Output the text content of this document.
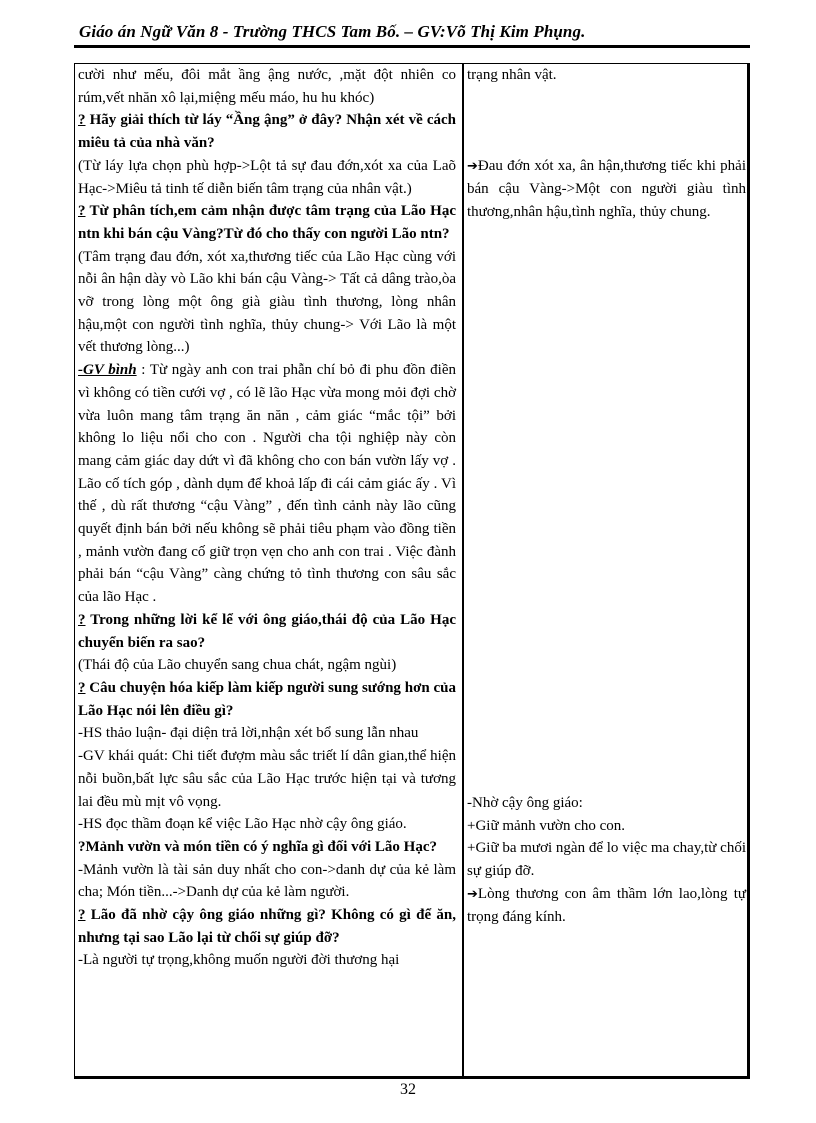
Giáo án Ngữ Văn 8 - Trường THCS Tam Bố. – GV:Võ Thị Kim Phụng.

cười như mếu, đôi mắt ầng ậng nước, ,mặt đột nhiên co rúm,vết nhăn xô lại,miệng mếu máo, hu hu khóc)

? Hãy giải thích từ láy “Ầng ậng” ở đây? Nhận xét về cách miêu tả của nhà văn?

(Từ láy lựa chọn phù hợp->Lột tả sự đau đớn,xót xa của Laõ Hạc->Miêu tả tinh tế diễn biến tâm trạng của nhân vật.)

? Từ phân tích,em cảm nhận được tâm trạng của Lão Hạc ntn khi bán cậu Vàng?Từ đó cho thấy con người Lão ntn?

(Tâm trạng đau đớn, xót xa,thương tiếc của Lão Hạc cùng với nỗi ân hận dày vò Lão khi bán cậu Vàng-> Tất cả dâng trào,òa vỡ trong lòng một ông già giàu tình thương, lòng nhân hậu,một con người tình nghĩa, thủy chung-> Với Lão là một vết thương lòng...)

-GV bình : Từ ngày anh con trai phẫn chí bỏ đi phu đồn điền vì không có tiền cưới vợ , có lẽ lão Hạc vừa mong mỏi đợi chờ vừa luôn mang tâm trạng ăn năn , cảm giác “mắc tội” bởi không lo liệu nổi cho con . Người cha tội nghiệp này còn mang cảm giác day dứt vì đã không cho con bán vườn lấy vợ . Lão cố tích góp , dành dụm để khoả lấp đi cái cảm giác ấy . Vì thế , dù rất thương “cậu Vàng” , đến tình cảnh này lão cũng quyết định bán bởi nếu không sẽ phải tiêu phạm vào đồng tiền , mảnh vườn đang cố giữ trọn vẹn cho anh con trai . Việc đành phải bán “cậu Vàng” càng chứng tỏ tình thương con sâu sắc của lão Hạc .

? Trong những lời kể lể với ông giáo,thái độ của Lão Hạc chuyển biến ra sao?

(Thái độ của Lão chuyển sang chua chát, ngậm ngùi)

? Câu chuyện hóa kiếp làm kiếp người sung sướng hơn của Lão Hạc nói lên điều gì?

-HS thảo luận- đại diện trả lời,nhận xét bổ sung lẫn nhau

-GV khái quát: Chi tiết đượm màu sắc triết lí dân gian,thể hiện nỗi buồn,bất lực sâu sắc của Lão Hạc trước hiện tại và tương lai đều mù mịt vô vọng.

-HS đọc thầm đoạn kể việc Lão Hạc nhờ cậy ông giáo.

?Mảnh vườn và món tiền có ý nghĩa gì đối với Lão Hạc?

-Mảnh vườn là tài sản duy nhất cho con->danh dự của kẻ làm cha; Món tiền...->Danh dự của kẻ làm người.

? Lão đã nhờ cậy ông giáo những gì? Không có gì để ăn, nhưng tại sao Lão lại từ chối sự giúp đỡ?

-Là người tự trọng,không muốn người đời thương hại

trạng nhân vật.

➔Đau đớn xót xa, ân hận,thương tiếc khi phải bán cậu Vàng->Một con người giàu tình thương,nhân hậu,tình nghĩa, thủy chung.

-Nhờ cậy ông giáo:

+Giữ mảnh vườn cho con.

+Giữ ba mươi ngàn để lo việc ma chay,từ chối sự giúp đỡ.

➔Lòng thương con âm thầm lớn lao,lòng tự trọng đáng kính.

32
